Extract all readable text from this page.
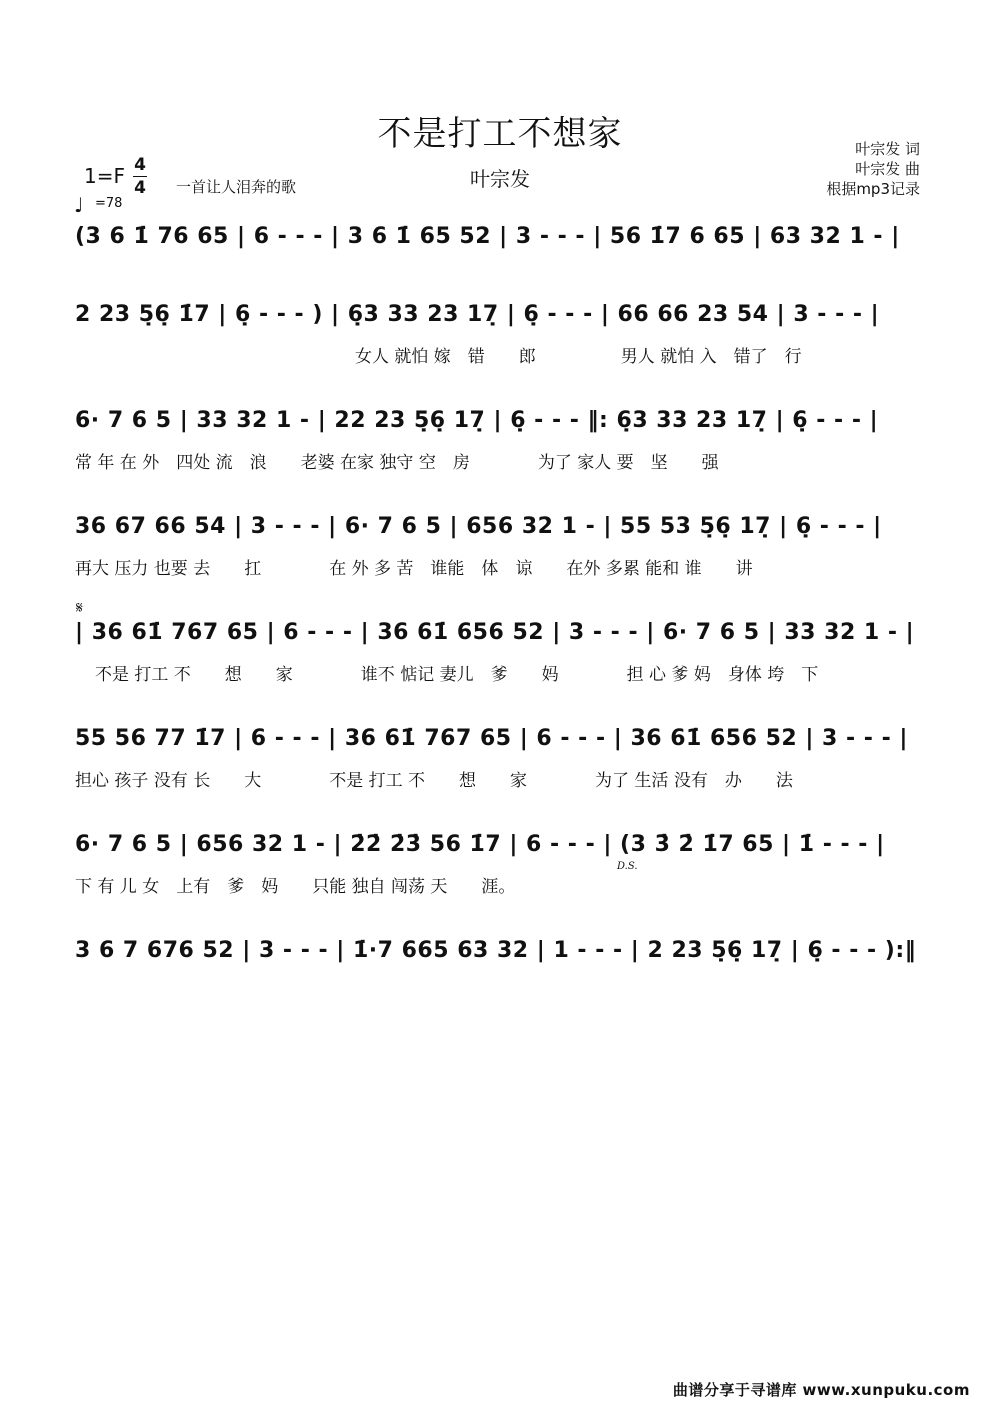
不是打工不想家
叶宗发
叶宗发 词
叶宗发 曲
根据mp3记录
1=F 4
4 一首让人泪奔的歌
♩ =78
(3 6 1̇ 76 65 | 6 - - - | 3 6 1̇ 65 52 | 3 - - - | 56 1̇7 6 65 | 63 32 1 - |
2 23 5̣6̣ 1̇7 | 6̣ - - - ) | 6̣3 33 23 17̣ | 6̣ - - - | 66 66 23 54 | 3 - - - |
女人 就怕 嫁　错　　郎　　　　　男人 就怕 入　错了　行
6· 7 6 5 | 33 32 1 - | 22 23 5̣6̣ 17̣ | 6̣ - - - ‖: 6̣3 33 23 17̣ | 6̣ - - - |
常 年 在 外　四处 流　浪　　老婆 在家 独守 空　房　　　　为了 家人 要　坚　　强
36 67 66 54 | 3 - - - | 6· 7 6 5 | 656 32 1 - | 55 53 5̣6̣ 17̣ | 6̣ - - - |
再大 压力 也要 去　　扛　　　　在 外 多 苦　谁能　体　谅　　在外 多累 能和 谁　　讲
𝄋
| 36 61̇ 767 65 | 6 - - - | 36 61̇ 656 52 | 3 - - - | 6· 7 6 5 | 33 32 1 - |
不是 打工 不　　想　　家　　　　谁不 惦记 妻儿　爹　　妈　　　　担 心 爹 妈　身体 垮　下
55 56 77 1̇7 | 6 - - - | 36 61̇ 767 65 | 6 - - - | 36 61̇ 656 52 | 3 - - - |
担心 孩子 没有 长　　大　　　　不是 打工 不　　想　　家　　　　为了 生活 没有　办　　法
6· 7 6 5 | 656 32 1 - | 2̇2̇ 2̇3̇ 56 1̇7 | 6 - - - | (3 3̇ 2̇ 1̇7 65 | 1̇ - - - |
下 有 儿 女　上有　爹　妈　　只能 独自 闯荡 天　　涯。
D.S.
3 6 7 676 52 | 3 - - - | 1̇·7 665 63 32 | 1 - - - | 2 23 5̣6̣ 17̣ | 6̣ - - - ):‖
曲谱分享于寻谱库 www.xunpuku.com
